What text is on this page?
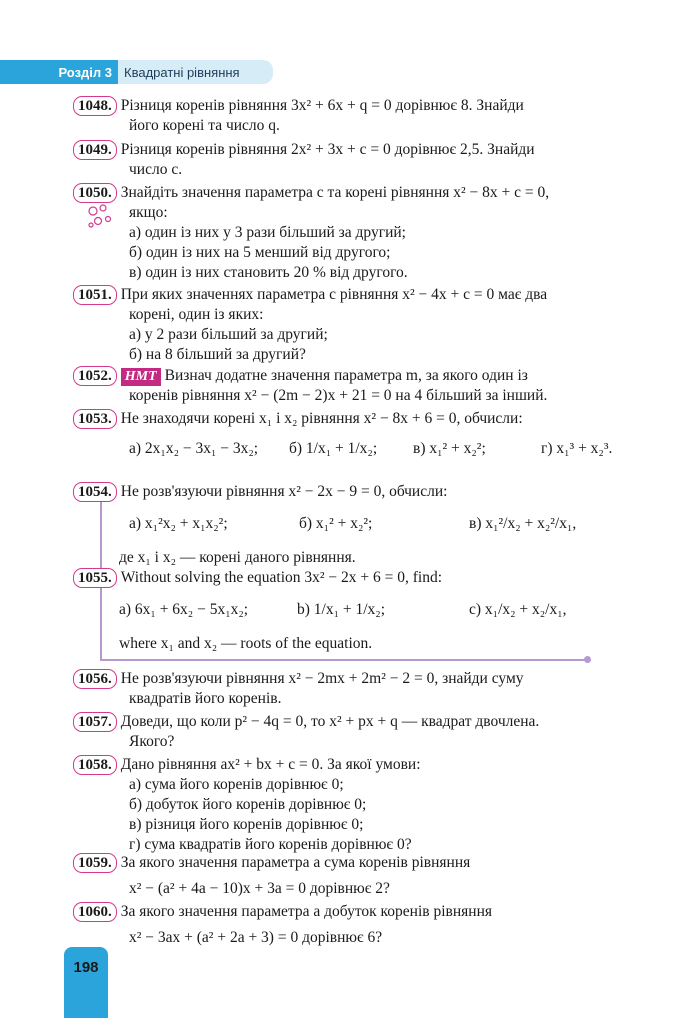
Розділ 3 Квадратні рівняння
1048. Різниця коренів рівняння 3x² + 6x + q = 0 дорівнює 8. Знайди
його корені та число q.
1049. Різниця коренів рівняння 2x² + 3x + c = 0 дорівнює 2,5. Знайди
число c.
1050. Знайдіть значення параметра c та корені рівняння x² − 8x + c = 0,
якщо:
а) один із них у 3 рази більший за другий;
б) один із них на 5 менший від другого;
в) один із них становить 20 % від другого.
1051. При яких значеннях параметра c рівняння x² − 4x + c = 0 має два
корені, один із яких:
а) у 2 рази більший за другий;
б) на 8 більший за другий?
1052. НМТ Визнач додатне значення параметра m, за якого один із
коренів рівняння x² − (2m − 2)x + 21 = 0 на 4 більший за інший.
1053. Не знаходячи корені x₁ і x₂ рівняння x² − 8x + 6 = 0, обчисли:
а) 2x₁x₂ − 3x₁ − 3x₂; б) 1/x₁ + 1/x₂; в) x₁² + x₂²;	г) x₁³ + x₂³.
1054. Не розв'язуючи рівняння x² − 2x − 9 = 0, обчисли:
а) x₁²x₂ + x₁x₂²;	б) x₁² + x₂²;	в) x₁²/x₂ + x₂²/x₁,
де x₁ і x₂ — корені даного рівняння.
1055. Without solving the equation 3x² − 2x + 6 = 0, find:
a) 6x₁ + 6x₂ − 5x₁x₂;	b) 1/x₁ + 1/x₂;	c) x₁/x₂ + x₂/x₁,
where x₁ and x₂ — roots of the equation.
1056. Не розв'язуючи рівняння x² − 2mx + 2m² − 2 = 0, знайди суму
квадратів його коренів.
1057. Доведи, що коли p² − 4q = 0, то x² + px + q — квадрат двочлена.
Якого?
1058. Дано рівняння ax² + bx + c = 0. За якої умови:
а) сума його коренів дорівнює 0;
б) добуток його коренів дорівнює 0;
в) різниця його коренів дорівнює 0;
г) сума квадратів його коренів дорівнює 0?
1059. За якого значення параметра a сума коренів рівняння
x² − (a² + 4a − 10)x + 3a = 0 дорівнює 2?
1060. За якого значення параметра a добуток коренів рівняння
x² − 3ax + (a² + 2a + 3) = 0 дорівнює 6?
198
